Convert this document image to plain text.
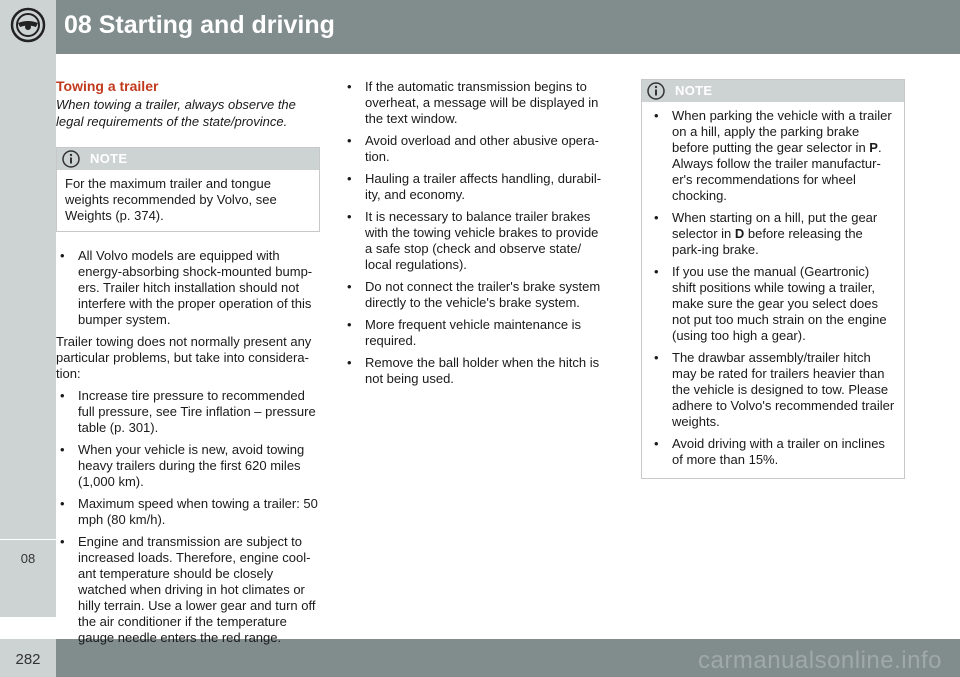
08 Starting and driving
08
282	carmanualsonline.info

Towing a trailer

When towing a trailer, always observe the legal requirements of the state/province.

NOTE
For the maximum trailer and tongue weights recommended by Volvo, see Weights (p. 374).
• All Volvo models are equipped with energy-absorbing shock-mounted bump-ers. Trailer hitch installation should not interfere with the proper operation of this bumper system.

Trailer towing does not normally present any particular problems, but take into considera-tion:

• Increase tire pressure to recommended full pressure, see Tire inflation – pressure table (p. 301).
• When your vehicle is new, avoid towing heavy trailers during the first 620 miles (1,000 km).
• Maximum speed when towing a trailer: 50 mph (80 km/h).
• Engine and transmission are subject to increased loads. Therefore, engine cool-ant temperature should be closely watched when driving in hot climates or hilly terrain. Use a lower gear and turn off the air conditioner if the temperature gauge needle enters the red range.
• If the automatic transmission begins to overheat, a message will be displayed in the text window.
• Avoid overload and other abusive opera-tion.
• Hauling a trailer affects handling, durabil-ity, and economy.
• It is necessary to balance trailer brakes with the towing vehicle brakes to provide a safe stop (check and observe state/ local regulations).
• Do not connect the trailer's brake system directly to the vehicle's brake system.
• More frequent vehicle maintenance is required.
• Remove the ball holder when the hitch is not being used.
NOTE
• When parking the vehicle with a trailer on a hill, apply the parking brake before putting the gear selector in P. Always follow the trailer manufactur-er's recommendations for wheel chocking.
• When starting on a hill, put the gear selector in D before releasing the park-ing brake.
• If you use the manual (Geartronic) shift positions while towing a trailer, make sure the gear you select does not put too much strain on the engine (using too high a gear).
• The drawbar assembly/trailer hitch may be rated for trailers heavier than the vehicle is designed to tow. Please adhere to Volvo's recommended trailer weights.
• Avoid driving with a trailer on inclines of more than 15%.
